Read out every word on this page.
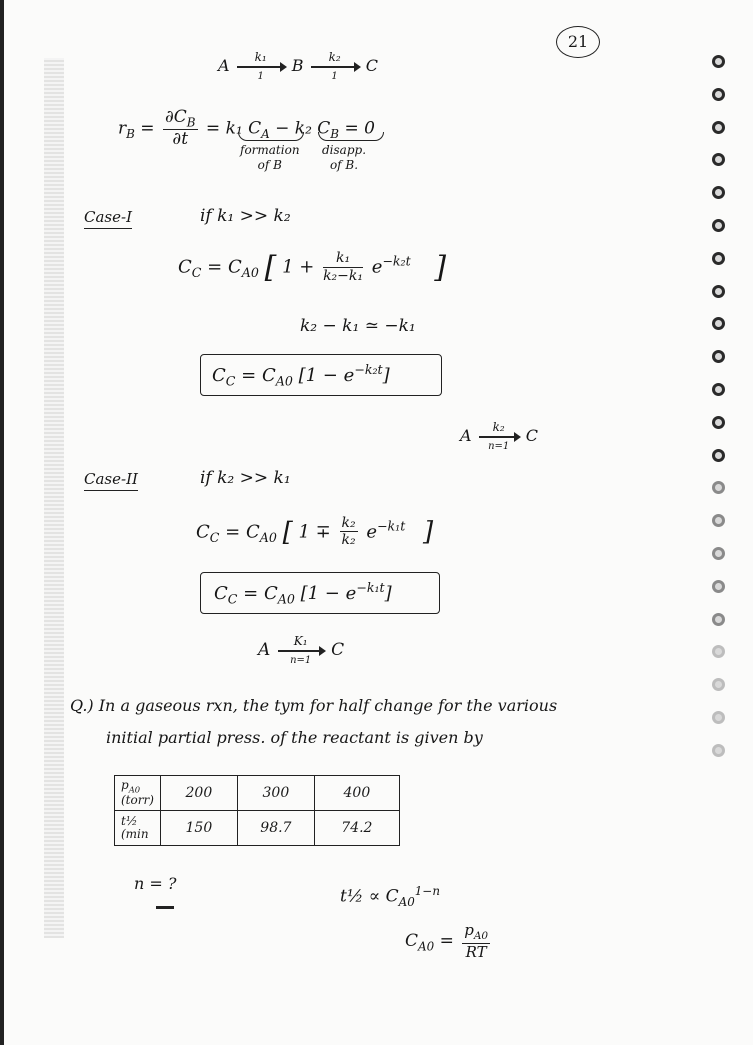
21
A	k₁
1
B	k₂
1
C
$r_B = \frac{\partial C_B}{\partial t} = k_1$ $C_A - k_2$ $C_B = 0$
formation
of B
disapp.
of B.
Case-I	if k₁ >> k₂
$C_C = C_{A0}$ [ $1 + \frac{\text{k₁}}{\text{k₂−k₁}} e^{-k_2t}$ ]
k₂ − k₁ ≃ −k₁
$C_C = C_{A0}$ $[1 - e^{-k_2t}]$
A	k₂
n=1
C
Case-II	if k₂ >> k₁
$C_C = C_{A0}$ [ $1 \mp \frac{\text{k₂}}{\text{k₂}} e^{-k_1t}$ ]
$C_C = C_{A0}$ $[1 - e^{-k_1t}]$
A	K₁
n=1	C
Q.) In a gaseous rxn, the tym for half change for the various
initial partial press. of the reactant is given by
$p_{A0}$
(torr)	200	300	400
t½
(min	150	98.7	74.2
n = ?
t½ ∝ $C_{A0}^{1-n}$
$C_{A0} = \frac{p_{A0}}{RT}$
